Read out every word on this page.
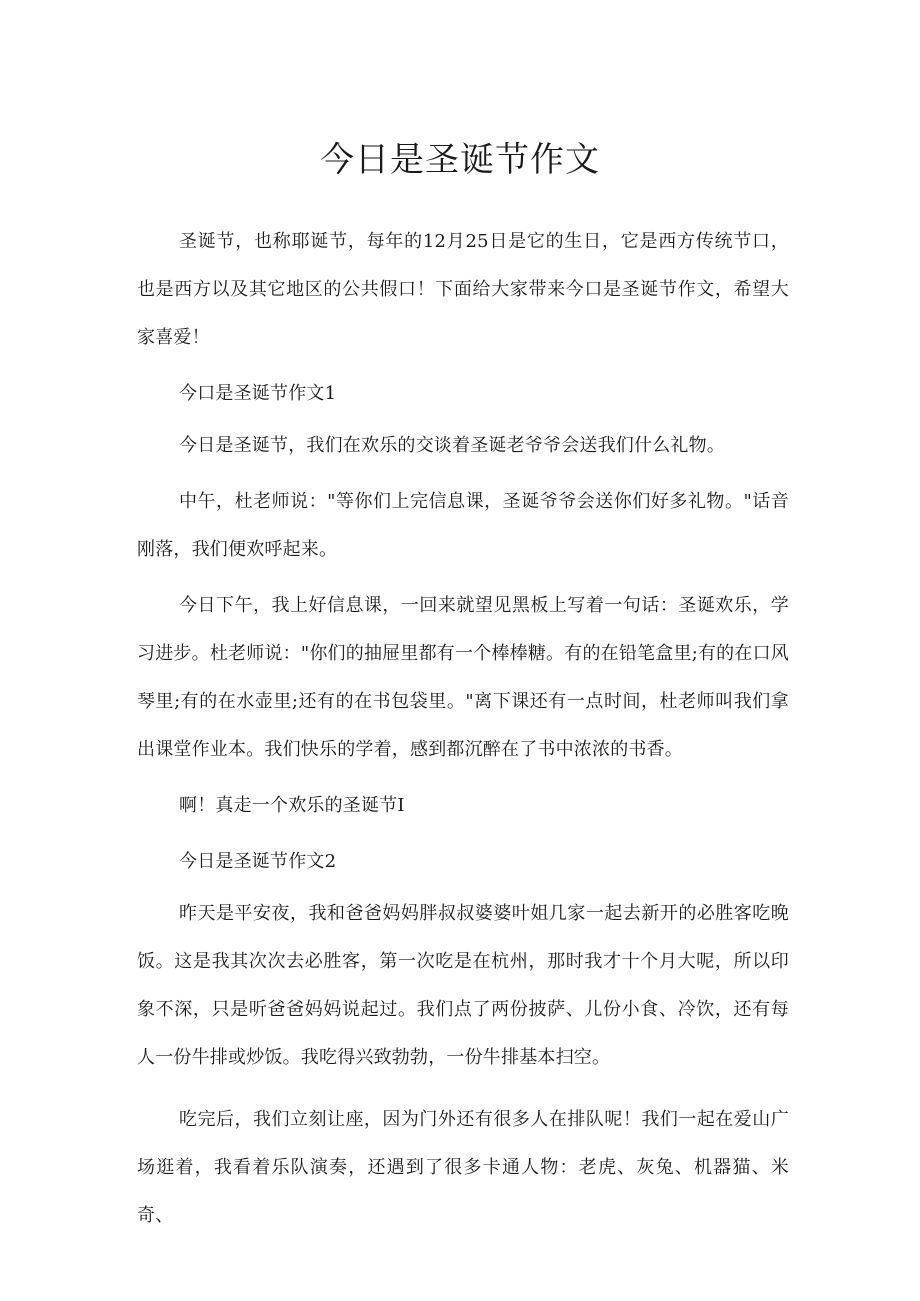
今日是圣诞节作文

圣诞节，也称耶诞节，每年的12月25日是它的生日，它是西方传统节口，也是西方以及其它地区的公共假口！下面给大家带来今口是圣诞节作文，希望大家喜爱！

今口是圣诞节作文1

今日是圣诞节，我们在欢乐的交谈着圣诞老爷爷会送我们什么礼物。

中午，杜老师说："等你们上完信息课，圣诞爷爷会送你们好多礼物。"话音刚落，我们便欢呼起来。

今日下午，我上好信息课，一回来就望见黑板上写着一句话：圣诞欢乐，学习进步。杜老师说："你们的抽屉里都有一个棒棒糖。有的在铅笔盒里;有的在口风琴里;有的在水壶里;还有的在书包袋里。"离下课还有一点时间，杜老师叫我们拿出课堂作业本。我们快乐的学着，感到都沉醉在了书中浓浓的书香。

啊！真走一个欢乐的圣诞节I

今日是圣诞节作文2

昨天是平安夜，我和爸爸妈妈胖叔叔婆婆叶姐几家一起去新开的必胜客吃晚饭。这是我其次次去必胜客，第一次吃是在杭州，那时我才十个月大呢，所以印象不深，只是听爸爸妈妈说起过。我们点了两份披萨、儿份小食、冷饮，还有每人一份牛排或炒饭。我吃得兴致勃勃，一份牛排基本扫空。

吃完后，我们立刻让座，因为门外还有很多人在排队呢！我们一起在爱山广场逛着，我看着乐队演奏，还遇到了很多卡通人物：老虎、灰兔、机器猫、米奇、
